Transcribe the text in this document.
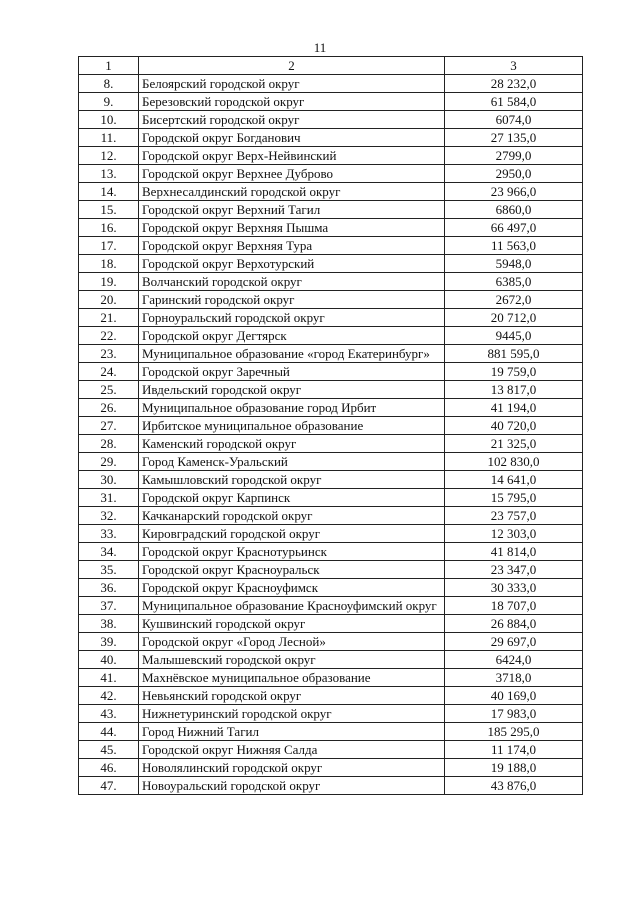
11
1	2	3
8.	Белоярский городской округ	28 232,0
9.	Березовский городской округ	61 584,0
10.	Бисертский городской округ	6074,0
11.	Городской округ Богданович	27 135,0
12.	Городской округ Верх-Нейвинский	2799,0
13.	Городской округ Верхнее Дуброво	2950,0
14.	Верхнесалдинский городской округ	23 966,0
15.	Городской округ Верхний Тагил	6860,0
16.	Городской округ Верхняя Пышма	66 497,0
17.	Городской округ Верхняя Тура	11 563,0
18.	Городской округ Верхотурский	5948,0
19.	Волчанский городской округ	6385,0
20.	Гаринский городской округ	2672,0
21.	Горноуральский городской округ	20 712,0
22.	Городской округ Дегтярск	9445,0
23.	Муниципальное образование «город Екатеринбург»	881 595,0
24.	Городской округ Заречный	19 759,0
25.	Ивдельский городской округ	13 817,0
26.	Муниципальное образование город Ирбит	41 194,0
27.	Ирбитское муниципальное образование	40 720,0
28.	Каменский городской округ	21 325,0
29.	Город Каменск-Уральский	102 830,0
30.	Камышловский городской округ	14 641,0
31.	Городской округ Карпинск	15 795,0
32.	Качканарский городской округ	23 757,0
33.	Кировградский городской округ	12 303,0
34.	Городской округ Краснотурьинск	41 814,0
35.	Городской округ Красноуральск	23 347,0
36.	Городской округ Красноуфимск	30 333,0
37.	Муниципальное образование Красноуфимский округ	18 707,0
38.	Кушвинский городской округ	26 884,0
39.	Городской округ «Город Лесной»	29 697,0
40.	Малышевский городской округ	6424,0
41.	Махнёвское муниципальное образование	3718,0
42.	Невьянский городской округ	40 169,0
43.	Нижнетуринский городской округ	17 983,0
44.	Город Нижний Тагил	185 295,0
45.	Городской округ Нижняя Салда	11 174,0
46.	Новолялинский городской округ	19 188,0
47.	Новоуральский городской округ	43 876,0
